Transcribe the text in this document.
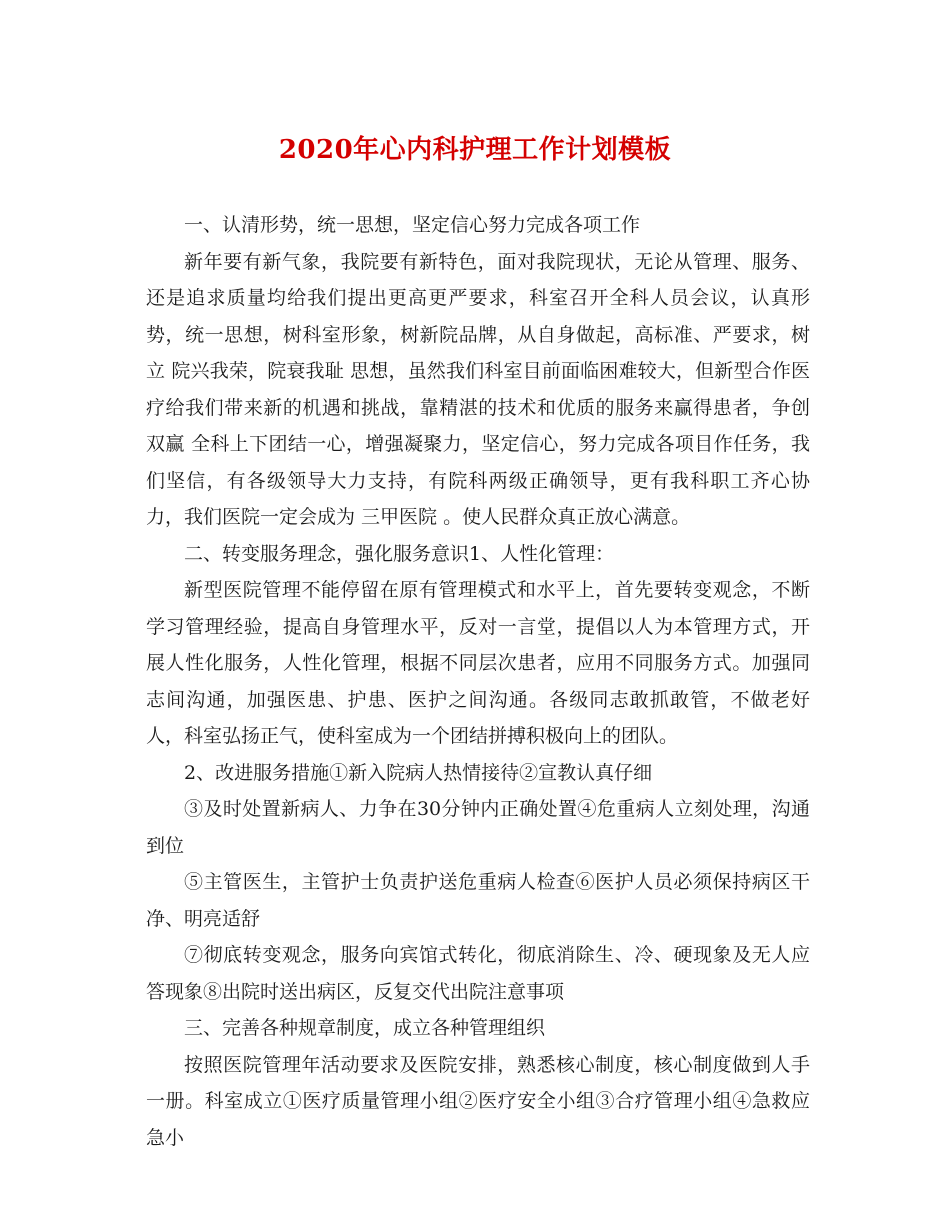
2020年心内科护理工作计划模板

一、认清形势，统一思想，坚定信心努力完成各项工作

新年要有新气象，我院要有新特色，面对我院现状，无论从管理、服务、还是追求质量均给我们提出更高更严要求，科室召开全科人员会议，认真形势，统一思想，树科室形象，树新院品牌，从自身做起，高标准、严要求，树立 院兴我荣，院衰我耻 思想，虽然我们科室目前面临困难较大，但新型合作医疗给我们带来新的机遇和挑战，靠精湛的技术和优质的服务来赢得患者，争创 双赢 全科上下团结一心，增强凝聚力，坚定信心，努力完成各项目作任务，我们坚信，有各级领导大力支持，有院科两级正确领导，更有我科职工齐心协力，我们医院一定会成为 三甲医院 。使人民群众真正放心满意。

二、转变服务理念，强化服务意识1、人性化管理：

新型医院管理不能停留在原有管理模式和水平上，首先要转变观念，不断学习管理经验，提高自身管理水平，反对一言堂，提倡以人为本管理方式，开展人性化服务，人性化管理，根据不同层次患者，应用不同服务方式。加强同志间沟通，加强医患、护患、医护之间沟通。各级同志敢抓敢管，不做老好人，科室弘扬正气，使科室成为一个团结拼搏积极向上的团队。

2、改进服务措施①新入院病人热情接待②宣教认真仔细

③及时处置新病人、力争在30分钟内正确处置④危重病人立刻处理，沟通到位

⑤主管医生，主管护士负责护送危重病人检查⑥医护人员必须保持病区干净、明亮适舒

⑦彻底转变观念，服务向宾馆式转化，彻底消除生、冷、硬现象及无人应答现象⑧出院时送出病区，反复交代出院注意事项

三、完善各种规章制度，成立各种管理组织

按照医院管理年活动要求及医院安排，熟悉核心制度，核心制度做到人手一册。科室成立①医疗质量管理小组②医疗安全小组③合疗管理小组④急救应急小
